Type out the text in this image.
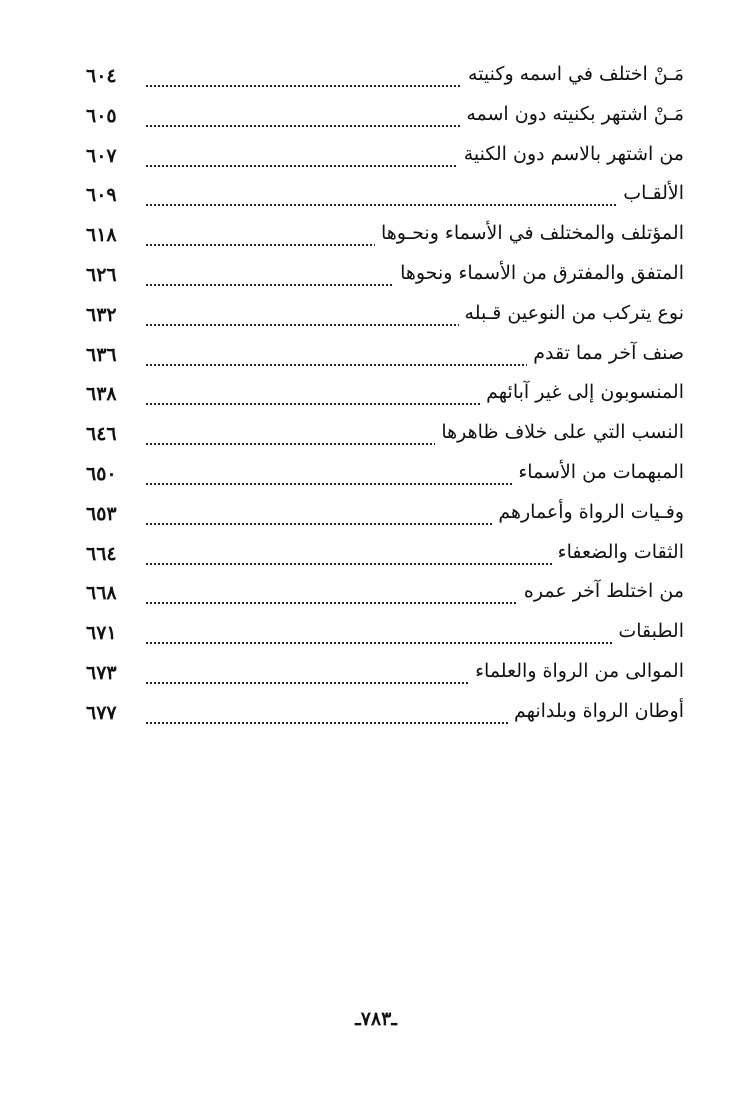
مَـنْ اختلف في اسمه وكنيته
٦٠٤
مَـنْ اشتهر بكنيته دون اسمه
٦٠٥
من اشتهر بالاسم دون الكنية
٦٠٧
الألقـاب
٦٠٩
المؤتلف والمختلف في الأسماء ونحـوها
٦١٨
المتفق والمفترق من الأسماء ونحوها
٦٢٦
نوع يتركب من النوعين قـبله
٦٣٢
صنف آخر مما تقدم
٦٣٦
المنسوبون إلى غير آبائهم
٦٣٨
النسب التي على خلاف ظاهرها
٦٤٦
المبهمات من الأسماء
٦٥٠
وفـيات الرواة وأعمارهم
٦٥٣
الثقات والضعفاء
٦٦٤
من اختلط آخر عمره
٦٦٨
الطبقات
٦٧١
الموالى من الرواة والعلماء
٦٧٣
أوطان الرواة وبلدانهم
٦٧٧
ـ٧٨٣ـ
